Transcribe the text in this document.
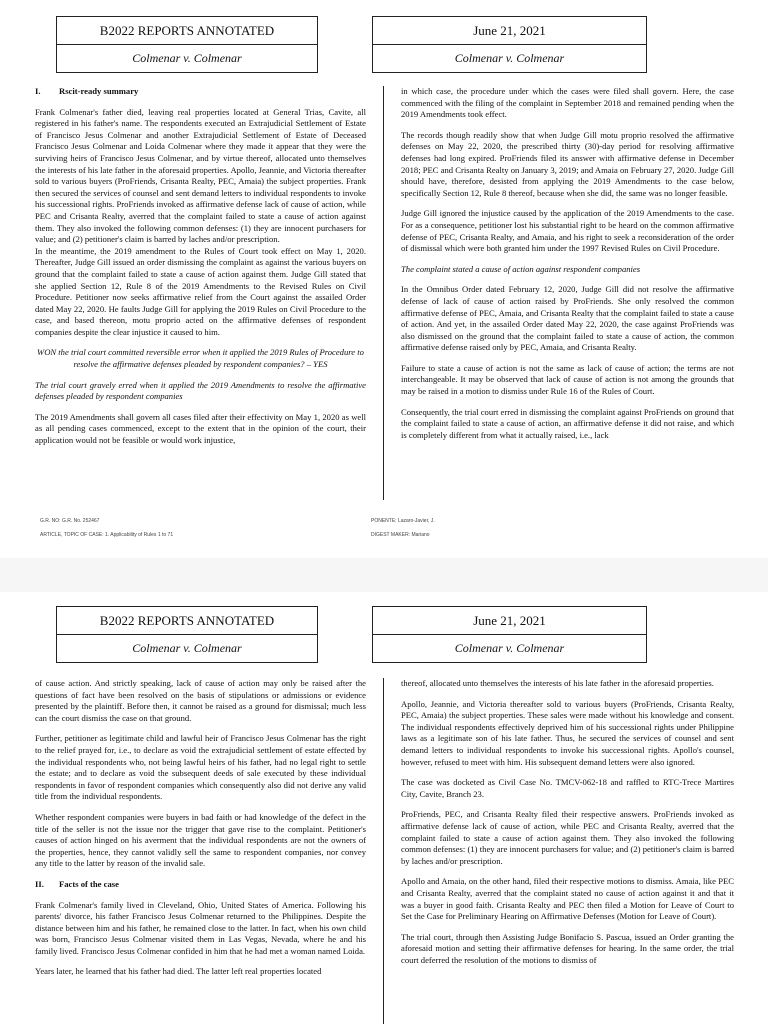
B2022 REPORTS ANNOTATED	June 21, 2021
Colmenar v. Colmenar	Colmenar v. Colmenar

I. Rscit-ready summary

Frank Colmenar's father died, leaving real properties located at General Trias, Cavite, all registered in his father's name. The respondents executed an Extrajudicial Settlement of Estate of Francisco Jesus Colmenar and another Extrajudicial Settlement of Estate of Deceased Francisco Jesus Colmenar and Loida Colmenar where they made it appear that they were the surviving heirs of Francisco Jesus Colmenar, and by virtue thereof, allocated unto themselves the interests of his late father in the aforesaid properties. Apollo, Jeannie, and Victoria thereafter sold to various buyers (ProFriends, Crisanta Realty, PEC, Amaia) the subject properties. Frank then secured the services of counsel and sent demand letters to individual respondents to invoke his successional rights. ProFriends invoked as affirmative defense lack of cause of action, while PEC and Crisanta Realty, averred that the complaint failed to state a cause of action against them. They also invoked the following common defenses: (1) they are innocent purchasers for value; and (2) petitioner's claim is barred by laches and/or prescription.

In the meantime, the 2019 amendment to the Rules of Court took effect on May 1, 2020. Thereafter, Judge Gill issued an order dismissing the complaint as against the various buyers on ground that the complaint failed to state a cause of action against them. Judge Gill stated that she applied Section 12, Rule 8 of the 2019 Amendments to the Revised Rules on Civil Procedure. Petitioner now seeks affirmative relief from the Court against the assailed Order dated May 22, 2020. He faults Judge Gill for applying the 2019 Rules on Civil Procedure to the case, and based thereon, motu proprio acted on the affirmative defenses of respondent companies despite the clear injustice it caused to him.

WON the trial court committed reversible error when it applied the 2019 Rules of Procedure to resolve the affirmative defenses pleaded by respondent companies? – YES

The trial court gravely erred when it applied the 2019 Amendments to resolve the affirmative defenses pleaded by respondent companies

The 2019 Amendments shall govern all cases filed after their effectivity on May 1, 2020 as well as all pending cases commenced, except to the extent that in the opinion of the court, their application would not be feasible or would work injustice,

in which case, the procedure under which the cases were filed shall govern. Here, the case commenced with the filing of the complaint in September 2018 and remained pending when the 2019 Amendments took effect.

The records though readily show that when Judge Gill motu proprio resolved the affirmative defenses on May 22, 2020, the prescribed thirty (30)-day period for resolving affirmative defenses had long expired. ProFriends filed its answer with affirmative defense in December 2018; PEC and Crisanta Realty on January 3, 2019; and Amaia on February 27, 2020. Judge Gill should have, therefore, desisted from applying the 2019 Amendments to the case below, specifically Section 12, Rule 8 thereof, because when she did, the same was no longer feasible.

Judge Gill ignored the injustice caused by the application of the 2019 Amendments to the case. For as a consequence, petitioner lost his substantial right to be heard on the common affirmative defense of PEC, Crisanta Realty, and Amaia, and his right to seek a reconsideration of the order of dismissal which were both granted him under the 1997 Revised Rules on Civil Procedure.

The complaint stated a cause of action against respondent companies

In the Omnibus Order dated February 12, 2020, Judge Gill did not resolve the affirmative defense of lack of cause of action raised by ProFriends. She only resolved the common affirmative defense of PEC, Amaia, and Crisanta Realty that the complaint failed to state a cause of action. And yet, in the assailed Order dated May 22, 2020, the case against ProFriends was also dismissed on the ground that the complaint failed to state a cause of action, the common affirmative defense raised only by PEC, Amaia, and Crisanta Realty.

Failure to state a cause of action is not the same as lack of cause of action; the terms are not interchangeable. It may be observed that lack of cause of action is not among the grounds that may be raised in a motion to dismiss under Rule 16 of the Rules of Court.

Consequently, the trial court erred in dismissing the complaint against ProFriends on ground that the complaint failed to state a cause of action, an affirmative defense it did not raise, and which is completely different from what it actually raised, i.e., lack

G.R. NO: G.R. No. 252467
ARTICLE, TOPIC OF CASE: 1. Applicability of Rules 1 to 71
PONENTE: Lazaro-Javier, J.
DIGEST MAKER: Mariano
B2022 REPORTS ANNOTATED	June 21, 2021
Colmenar v. Colmenar	Colmenar v. Colmenar

of cause action. And strictly speaking, lack of cause of action may only be raised after the questions of fact have been resolved on the basis of stipulations or admissions or evidence presented by the plaintiff. Before then, it cannot be raised as a ground for dismissal; much less can the court dismiss the case on that ground.

Further, petitioner as legitimate child and lawful heir of Francisco Jesus Colmenar has the right to the relief prayed for, i.e., to declare as void the extrajudicial settlement of estate effected by the individual respondents who, not being lawful heirs of his father, had no legal right to settle the estate; and to declare as void the subsequent deeds of sale executed by these individual respondents in favor of respondent companies which consequently also did not derive any valid title from the individual respondents.

Whether respondent companies were buyers in bad faith or had knowledge of the defect in the title of the seller is not the issue nor the trigger that gave rise to the complaint. Petitioner's causes of action hinged on his averment that the individual respondents are not the owners of the properties, hence, they cannot validly sell the same to respondent companies, nor convey any title to the latter by reason of the invalid sale.

II. Facts of the case

Frank Colmenar's family lived in Cleveland, Ohio, United States of America. Following his parents' divorce, his father Francisco Jesus Colmenar returned to the Philippines. Despite the distance between him and his father, he remained close to the latter. In fact, when his own child was born, Francisco Jesus Colmenar visited them in Las Vegas, Nevada, where he and his family lived. Francisco Jesus Colmenar confided in him that he had met a woman named Loida.

Years later, he learned that his father had died. The latter left real properties located

thereof, allocated unto themselves the interests of his late father in the aforesaid properties.

Apollo, Jeannie, and Victoria thereafter sold to various buyers (ProFriends, Crisanta Realty, PEC, Amaia) the subject properties. These sales were made without his knowledge and consent. The individual respondents effectively deprived him of his successional rights under Philippine laws as a legitimate son of his late father. Thus, he secured the services of counsel and sent demand letters to individual respondents to invoke his successional rights. Apollo's counsel, however, refused to meet with him. His subsequent demand letters were also ignored.

The case was docketed as Civil Case No. TMCV-062-18 and raffled to RTC-Trece Martires City, Cavite, Branch 23.

ProFriends, PEC, and Crisanta Realty filed their respective answers. ProFriends invoked as affirmative defense lack of cause of action, while PEC and Crisanta Realty, averred that the complaint failed to state a cause of action against them. They also invoked the following common defenses: (1) they are innocent purchasers for value; and (2) petitioner's claim is barred by laches and/or prescription.

Apollo and Amaia, on the other hand, filed their respective motions to dismiss. Amaia, like PEC and Crisanta Realty, averred that the complaint stated no cause of action against it and that it was a buyer in good faith. Crisanta Realty and PEC then filed a Motion for Leave of Court to Set the Case for Preliminary Hearing on Affirmative Defenses (Motion for Leave of Court).

The trial court, through then Assisting Judge Bonifacio S. Pascua, issued an Order granting the aforesaid motion and setting their affirmative defenses for hearing. In the same order, the trial court deferred the resolution of the motions to dismiss of
